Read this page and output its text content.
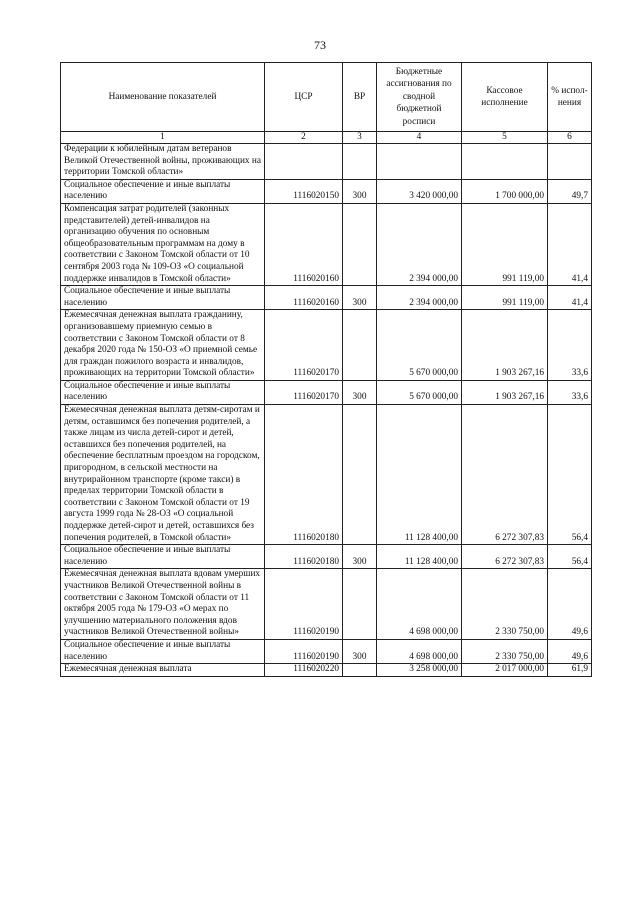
73
Наименование показателей	ЦСР	ВР	Бюджетные ассигнования по сводной бюджетной росписи	Кассовое исполнение	% испол-нения
1	2	3	4	5	6
Федерации к юбилейным датам ветеранов Великой Отечественной войны, проживающих на территории Томской области»					
Социальное обеспечение и иные выплаты населению	1116020150	300	3 420 000,00	1 700 000,00	49,7
Компенсация затрат родителей (законных представителей) детей-инвалидов на организацию обучения по основным общеобразовательным программам на дому в соответствии с Законом Томской области от 10 сентября 2003 года № 109-ОЗ «О социальной поддержке инвалидов в Томской области»	1116020160		2 394 000,00	991 119,00	41,4
Социальное обеспечение и иные выплаты населению	1116020160	300	2 394 000,00	991 119,00	41,4
Ежемесячная денежная выплата гражданину, организовавшему приемную семью в соответствии с Законом Томской области от 8 декабря 2020 года № 150-ОЗ «О приемной семье для граждан пожилого возраста и инвалидов, проживающих на территории Томской области»	1116020170		5 670 000,00	1 903 267,16	33,6
Социальное обеспечение и иные выплаты населению	1116020170	300	5 670 000,00	1 903 267,16	33,6
Ежемесячная денежная выплата детям-сиротам и детям, оставшимся без попечения родителей, а также лицам из числа детей-сирот и детей, оставшихся без попечения родителей, на обеспечение бесплатным проездом на городском, пригородном, в сельской местности на внутрирайонном транспорте (кроме такси) в пределах территории Томской области в соответствии с Законом Томской области от 19 августа 1999 года № 28-ОЗ «О социальной поддержке детей-сирот и детей, оставшихся без попечения родителей, в Томской области»	1116020180		11 128 400,00	6 272 307,83	56,4
Социальное обеспечение и иные выплаты населению	1116020180	300	11 128 400,00	6 272 307,83	56,4
Ежемесячная денежная выплата вдовам умерших участников Великой Отечественной войны в соответствии с Законом Томской области от 11 октября 2005 года № 179-ОЗ «О мерах по улучшению материального положения вдов участников Великой Отечественной войны»	1116020190		4 698 000,00	2 330 750,00	49,6
Социальное обеспечение и иные выплаты населению	1116020190	300	4 698 000,00	2 330 750,00	49,6
Ежемесячная денежная выплата	1116020220		3 258 000,00	2 017 000,00	61,9
